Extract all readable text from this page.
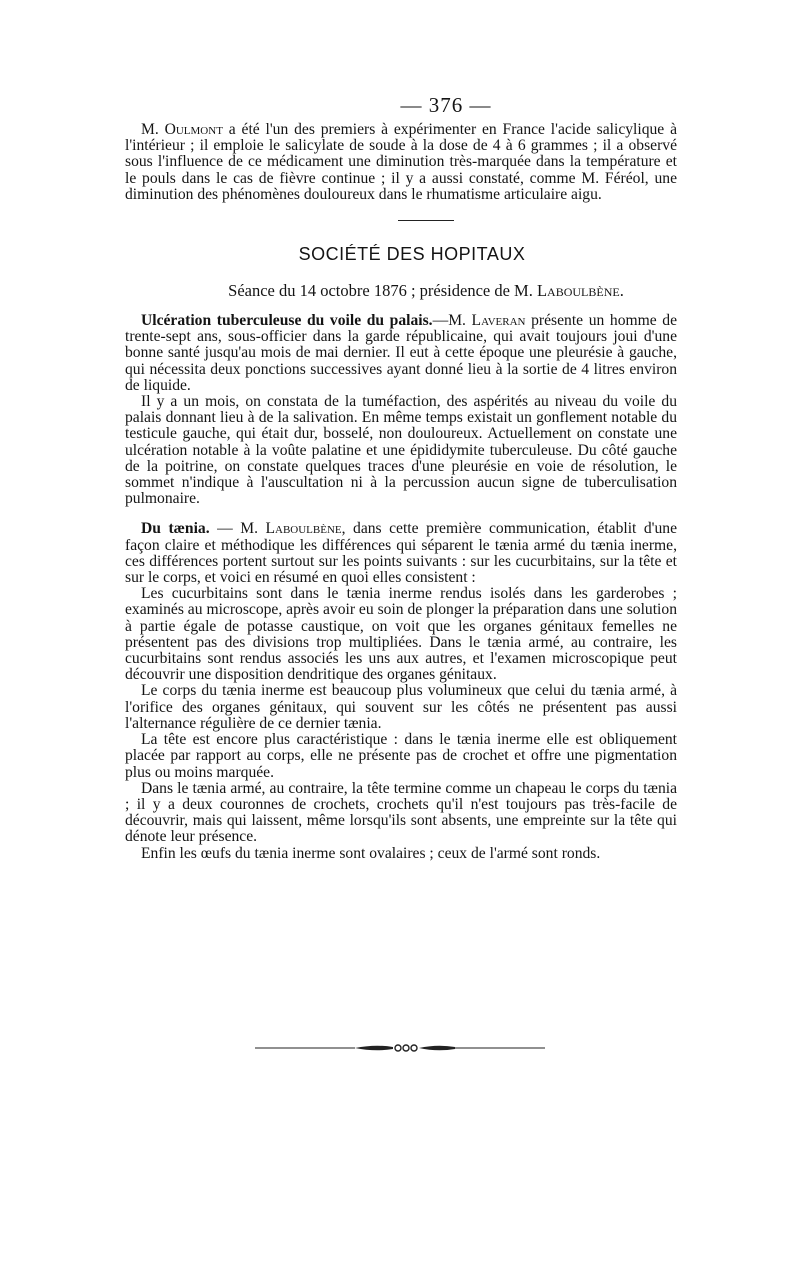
— 376 —

M. Oulmont a été l'un des premiers à expérimenter en France l'acide salicylique à l'intérieur ; il emploie le salicylate de soude à la dose de 4 à 6 grammes ; il a observé sous l'influence de ce médicament une diminution très-marquée dans la température et le pouls dans le cas de fièvre continue ; il y a aussi constaté, comme M. Féréol, une diminution des phénomènes douloureux dans le rhumatisme articulaire aigu.

SOCIÉTÉ DES HOPITAUX
Séance du 14 octobre 1876 ; présidence de M. Laboulbène.

Ulcération tuberculeuse du voile du palais.—M. Laveran présente un homme de trente-sept ans, sous-officier dans la garde républicaine, qui avait toujours joui d'une bonne santé jusqu'au mois de mai dernier. Il eut à cette époque une pleurésie à gauche, qui nécessita deux ponctions successives ayant donné lieu à la sortie de 4 litres environ de liquide.

Il y a un mois, on constata de la tuméfaction, des aspérités au niveau du voile du palais donnant lieu à de la salivation. En même temps existait un gonflement notable du testicule gauche, qui était dur, bosselé, non douloureux. Actuellement on constate une ulcération notable à la voûte palatine et une épididymite tuberculeuse. Du côté gauche de la poitrine, on constate quelques traces d'une pleurésie en voie de résolution, le sommet n'indique à l'auscultation ni à la percussion aucun signe de tuberculisation pulmonaire.

Du tænia. — M. Laboulbène, dans cette première communication, établit d'une façon claire et méthodique les différences qui séparent le tænia armé du tænia inerme, ces différences portent surtout sur les points suivants : sur les cucurbitains, sur la tête et sur le corps, et voici en résumé en quoi elles consistent :

Les cucurbitains sont dans le tænia inerme rendus isolés dans les garderobes ; examinés au microscope, après avoir eu soin de plonger la préparation dans une solution à partie égale de potasse caustique, on voit que les organes génitaux femelles ne présentent pas des divisions trop multipliées. Dans le tænia armé, au contraire, les cucurbitains sont rendus associés les uns aux autres, et l'examen microscopique peut découvrir une disposition dendritique des organes génitaux.

Le corps du tænia inerme est beaucoup plus volumineux que celui du tænia armé, à l'orifice des organes génitaux, qui souvent sur les côtés ne présentent pas aussi l'alternance régulière de ce dernier tænia.

La tête est encore plus caractéristique : dans le tænia inerme elle est obliquement placée par rapport au corps, elle ne présente pas de crochet et offre une pigmentation plus ou moins marquée.

Dans le tænia armé, au contraire, la tête termine comme un chapeau le corps du tænia ; il y a deux couronnes de crochets, crochets qu'il n'est toujours pas très-facile de découvrir, mais qui laissent, même lorsqu'ils sont absents, une empreinte sur la tête qui dénote leur présence.

Enfin les œufs du tænia inerme sont ovalaires ; ceux de l'armé sont ronds.
